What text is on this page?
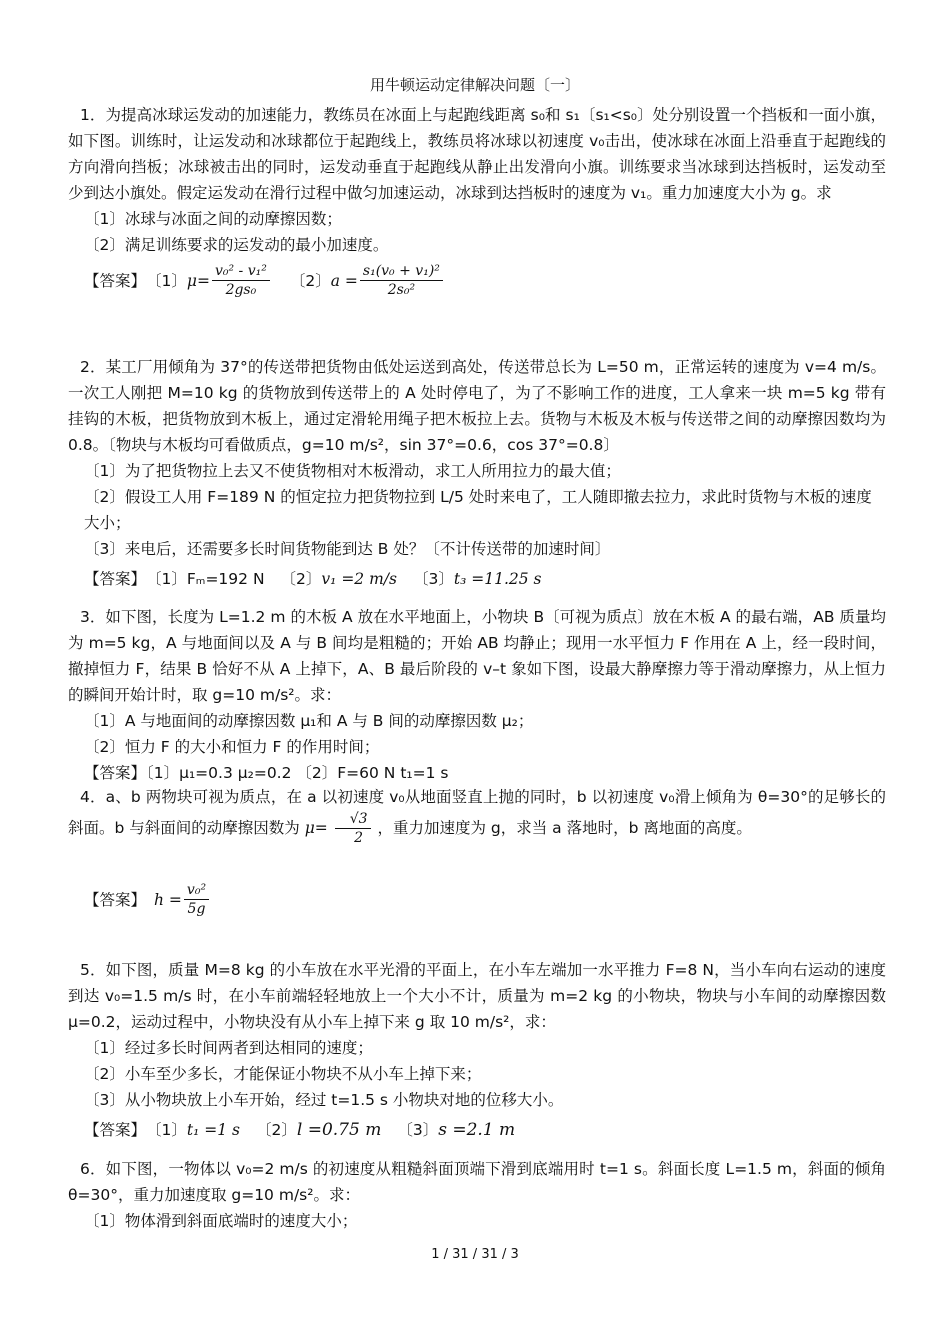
用牛顿运动定律解决问题〔一〕

1．为提高冰球运发动的加速能力，教练员在冰面上与起跑线距离 s₀和 s₁〔s₁<s₀〕处分别设置一个挡板和一面小旗，如下图。训练时，让运发动和冰球都位于起跑线上，教练员将冰球以初速度 v₀击出，使冰球在冰面上沿垂直于起跑线的方向滑向挡板；冰球被击出的同时，运发动垂直于起跑线从静止出发滑向小旗。训练要求当冰球到达挡板时，运发动至少到达小旗处。假定运发动在滑行过程中做匀加速运动，冰球到达挡板时的速度为 v₁。重力加速度大小为 g。求

〔1〕冰球与冰面之间的动摩擦因数；

〔2〕满足训练要求的运发动的最小加速度。

【答案】 〔1〕 $\mu= \frac{\text{v₀² - v₁²}}{\text{2gs₀}}$ 〔2〕 $a = \frac{\text{s₁(v₀ + v₁)²}}{\text{2s₀²}}$

2．某工厂用倾角为 37°的传送带把货物由低处运送到高处，传送带总长为 L=50 m，正常运转的速度为 v=4 m/s。一次工人刚把 M=10 kg 的货物放到传送带上的 A 处时停电了，为了不影响工作的进度，工人拿来一块 m=5 kg 带有挂钩的木板，把货物放到木板上，通过定滑轮用绳子把木板拉上去。货物与木板及木板与传送带之间的动摩擦因数均为 0.8。〔物块与木板均可看做质点，g=10 m/s²，sin 37°=0.6，cos 37°=0.8〕

〔1〕为了把货物拉上去又不使货物相对木板滑动，求工人所用拉力的最大值；

〔2〕假设工人用 F=189 N 的恒定拉力把货物拉到 L/5 处时来电了，工人随即撤去拉力，求此时货物与木板的速度大小；

〔3〕来电后，还需要多长时间货物能到达 B 处？〔不计传送带的加速时间〕

【答案】 〔1〕Fₘ=192 N 〔2〕 v₁ =2 m/s 〔3〕 t₃ =11.25 s

3．如下图，长度为 L=1.2 m 的木板 A 放在水平地面上，小物块 B〔可视为质点〕放在木板 A 的最右端，AB 质量均为 m=5 kg，A 与地面间以及 A 与 B 间均是粗糙的；开始 AB 均静止；现用一水平恒力 F 作用在 A 上，经一段时间，撤掉恒力 F，结果 B 恰好不从 A 上掉下，A、B 最后阶段的 v–t 象如下图，设最大静摩擦力等于滑动摩擦力，从上恒力的瞬间开始计时，取 g=10 m/s²。求：

〔1〕A 与地面间的动摩擦因数 μ₁和 A 与 B 间的动摩擦因数 μ₂；

〔2〕恒力 F 的大小和恒力 F 的作用时间；

【答案】〔1〕μ₁=0.3 μ₂=0.2 〔2〕F=60 N t₁=1 s

4．a、b 两物块可视为质点，在 a 以初速度 v₀从地面竖直上抛的同时，b 以初速度 v₀滑上倾角为 θ=30°的足够长的斜面。b 与斜面间的动摩擦因数为 $\mu= \frac{√3}{2}$ ，重力加速度为 g，求当 a 落地时，b 离地面的高度。

【答案】 $h = \frac{\text{v₀²}}{5g}$

5．如下图，质量 M=8 kg 的小车放在水平光滑的平面上，在小车左端加一水平推力 F=8 N，当小车向右运动的速度到达 v₀=1.5 m/s 时，在小车前端轻轻地放上一个大小不计，质量为 m=2 kg 的小物块，物块与小车间的动摩擦因数 μ=0.2，运动过程中，小物块没有从小车上掉下来 g 取 10 m/s²，求：

〔1〕经过多长时间两者到达相同的速度；

〔2〕小车至少多长，才能保证小物块不从小车上掉下来；

〔3〕从小物块放上小车开始，经过 t=1.5 s 小物块对地的位移大小。

【答案】 〔1〕 t₁ =1 s 〔2〕 l =0.75 m 〔3〕 s =2.1 m

6．如下图，一物体以 v₀=2 m/s 的初速度从粗糙斜面顶端下滑到底端用时 t=1 s。斜面长度 L=1.5 m，斜面的倾角 θ=30°，重力加速度取 g=10 m/s²。求：

〔1〕物体滑到斜面底端时的速度大小；

1 / 31 / 31 / 3
